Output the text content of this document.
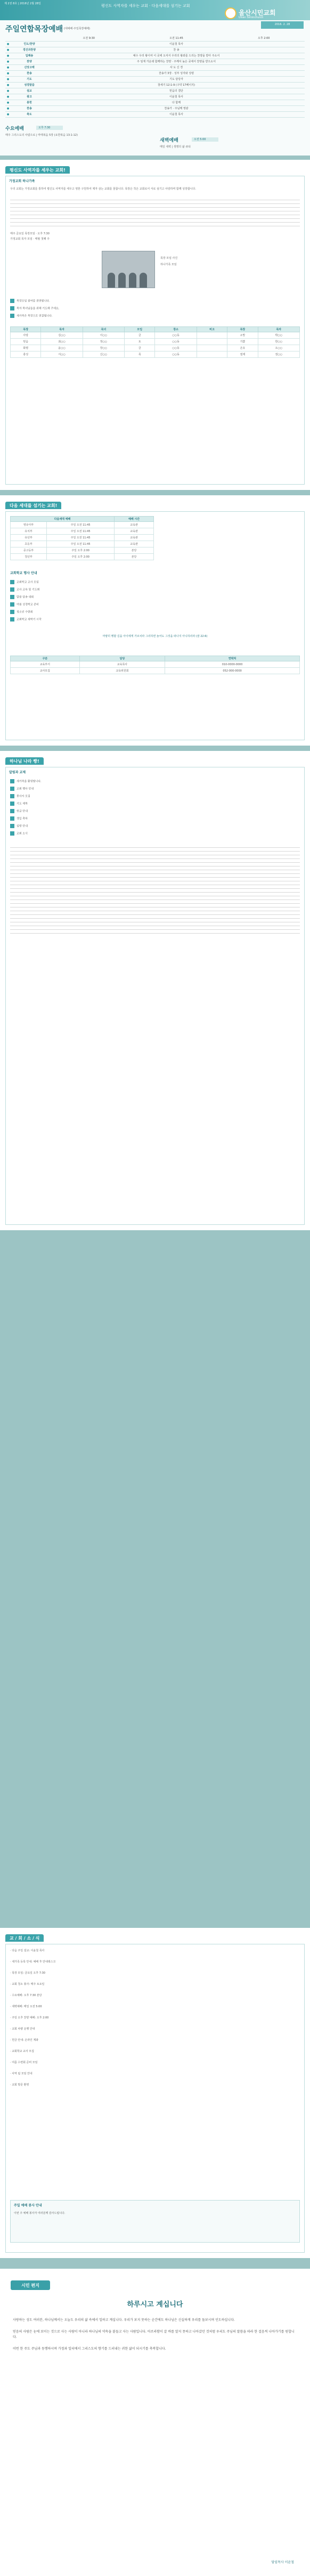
제 2권 8호 | 2016년 2월 28일	평신도 사역자를 세우는 교회 · 다음세대를 섬기는 교회
울산시민교회
Ulsan Siminchurch
주일연합목장예배 (대예배·주일목장예배)
2016. 2. 28
		오전 9:30	오전 11:45	오후 2:00
●	인도/찬양	이윤철 목사		
●	경건과찬양	찬 송		
●	입례송	예수 우리 왕이여 이 곳에 오셔서 우리의 왕좌를 드리는 찬양을 받아 주소서		
●	찬양	주 임재 가운데 함께하는 찬양 · 주께서 높은 곳에서 찬양을 받으소서		
●	신앙고백	사 도 신 경		
●	찬송	찬송가 3장 · 성부 성자와 성령		
●	기도	기도 담당자		
●	성경말씀	창세기 12:1-9 (구약 17페이지)		
●	설교	믿음의 결단		
●	광고	이윤철 목사		
●	봉헌	다 함께		
●	찬송	찬송가 · 주님께 영광		
●	축도	이윤철 목사		
수요예배	오후 7:30
매주 그리스도의 사람으로 | 마태복음 5장 (요한복음 13:1-12)
새벽예배	오전 5:00
매일 새벽 | 생명의 삶 큐티
평신도 사역자를 세우는 교회!
가정교회 하나가족
우리 교회는 가정교회를 통하여 평신도 사역자를 세우고 영혼 구원하여 제자 삼는 교회를 꿈꿉니다. 목장은 작은 교회로서 서로 섬기고 사랑하며 함께 성장합니다.
매주 금요일 목장모임 · 오후 7:30
가정교회 목자 모임 · 매월 첫째 주
목장 모임 사진
하나가족 모임
목장모임 참여를 권면합니다.
목자 목녀님들을 위해 기도해 주세요.
새가족은 목장으로 연결됩니다.
목장	목자	목녀	모임	장소	비고	목장	목자
사랑	김○○	이○○	금	○○동		소망	박○○
믿음	최○○	정○○	토	○○동		기쁨	한○○
화평	윤○○	장○○	금	○○동		온유	오○○
충성	서○○	신○○	목	○○동		절제	권○○
다음 세대를 섬기는 교회!
다음세대 예배		예배 시간
영유아부	주일 오전 11:45	교육관
유치부	주일 오전 11:45	교육관
유년부	주일 오전 11:45	교육관
초등부	주일 오전 11:45	교육관
중고등부	주일 오후 2:00	본당
청년부	주일 오후 2:00	본당
교회학교 행사 안내
교회학교 교사 모임
교사 교육 및 기도회
말씀 암송 대회
여름 성경학교 준비
청소년 수련회
교회학교 새학기 시작
마땅히 행할 길을 아이에게 가르치라 그리하면 늙어도 그것을 떠나지 아니하리라 (잠 22:6)
구분	담당	연락처
교육부서	교육목사	010-0000-0000
교사모집	교육위원회	052-000-0000
하나님 나라 빵!
알림과 교제
새가족을 환영합니다.
교회 행사 안내
봉사자 모집
기도 제목
헌금 안내
생일 축하
심방 안내
교회 소식
교 / 회 / 소 / 식
· 다음 주일 설교: 이윤철 목사
· 새가족 등록 안내: 예배 후 안내데스크
· 목장 모임: 금요일 오후 7:30
· 교회 청소 봉사: 매주 토요일
· 수요예배: 오후 7:30 본당
· 새벽예배: 매일 오전 5:00
· 주일 오후 찬양 예배: 오후 2:00
· 교회 차량 운행 안내
· 헌금 안내: 온라인 계좌
· 교회학교 교사 모집
· 여름 수련회 준비 모임
· 사역 팀 모임 안내
· 교회 방문 환영
주일 예배 봉사 안내
이번 주 예배 봉사자 여러분께 감사드립니다.
시민 편지
하루시고 계십니다

사랑하는 성도 여러분, 하나님께서는 오늘도 우리의 삶 속에서 일하고 계십니다. 우리가 보지 못하는 순간에도 하나님은 신실하게 우리를 돌보시며 인도하십니다.

믿음의 사람은 눈에 보이는 것으로 사는 사람이 아니라 하나님의 약속을 붙들고 사는 사람입니다. 아브라함이 갈 바를 알지 못하고 나아갔던 것처럼 우리도 주님의 말씀을 따라 한 걸음씩 나아가기를 원합니다.

이번 한 주도 주님과 동행하시며 가정과 일터에서 그리스도의 향기를 드러내는 귀한 삶이 되시기를 축복합니다.

담임목사 이윤철
